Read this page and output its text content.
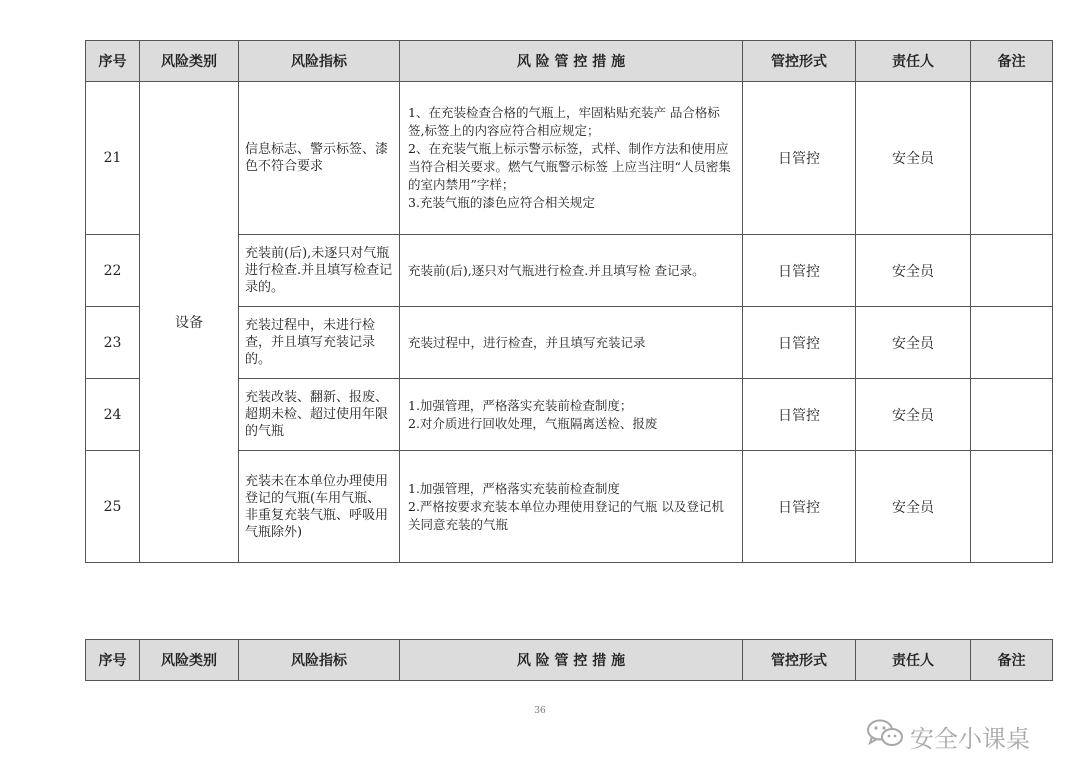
序号	风险类别	风险指标	风 险 管 控 措 施	管控形式	责任人	备注
21	设备	信息标志、警示标签、漆色不符合要求	1、在充装检查合格的气瓶上，牢固粘贴充装产 品合格标签,标签上的内容应符合相应规定；
2、在充装气瓶上标示警示标签，式样、制作方法和使用应当符合相关要求。燃气气瓶警示标签 上应当注明“人员密集的室内禁用”字样；
3.充装气瓶的漆色应符合相关规定	日管控	安全员	
22		充装前(后),未逐只对气瓶进行检查.并且填写检查记录的。	充装前(后),逐只对气瓶进行检查.并且填写检 查记录。	日管控	安全员	
23		充装过程中，未进行检查，并且填写充装记录的。	充装过程中，进行检查，并且填写充装记录	日管控	安全员	
24		充装改装、翻新、报废、超期未检、超过使用年限的气瓶	1.加强管理，严格落实充装前检查制度；
2.对介质进行回收处理，气瓶隔离送检、报废	日管控	安全员	
25		充装未在本单位办理使用登记的气瓶(车用气瓶、非重复充装气瓶、呼吸用气瓶除外)	1.加强管理，严格落实充装前检查制度
2.严格按要求充装本单位办理使用登记的气瓶 以及登记机关同意充装的气瓶	日管控	安全员	
序号	风险类别	风险指标	风 险 管 控 措 施	管控形式	责任人	备注
36
安全小课桌
